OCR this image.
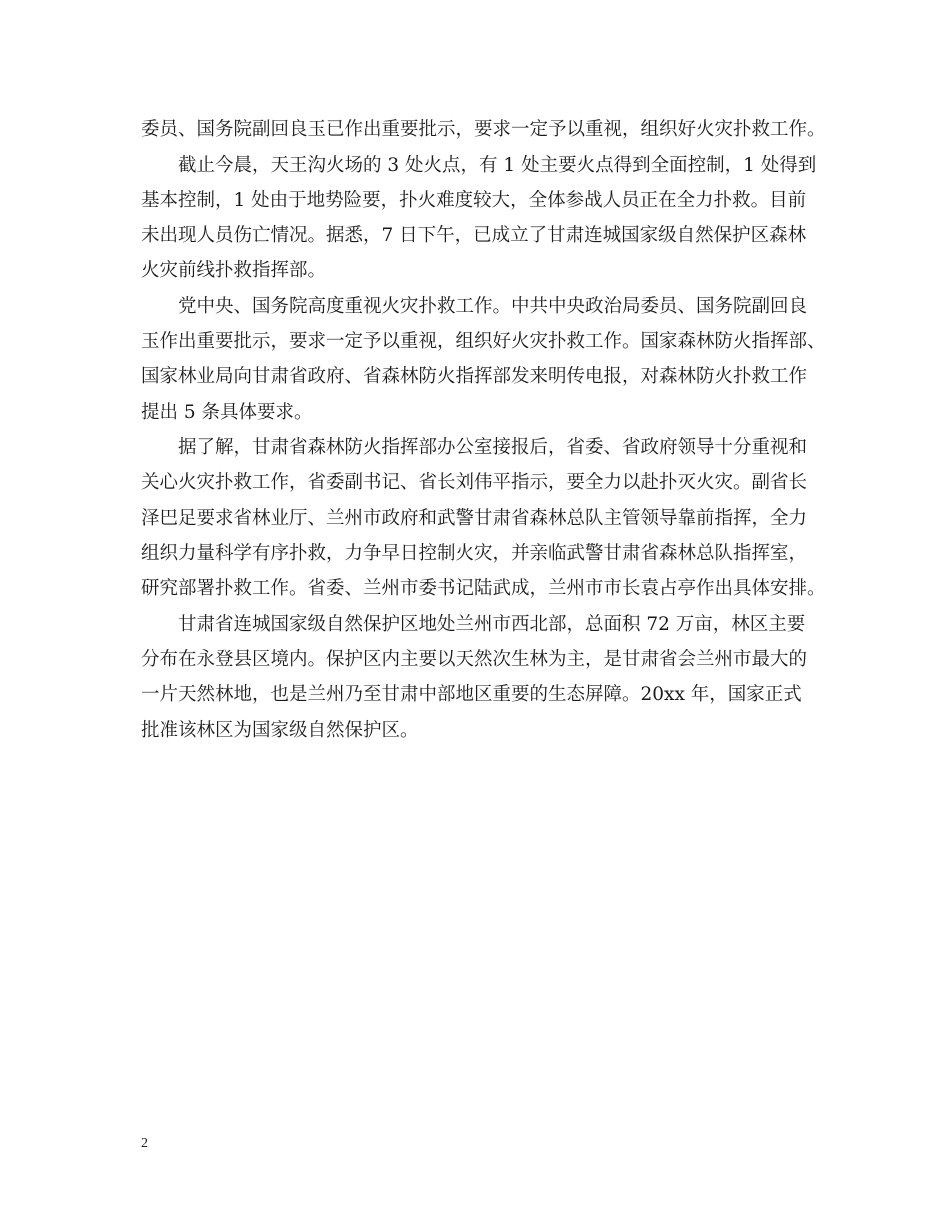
委员、国务院副回良玉已作出重要批示，要求一定予以重视，组织好火灾扑救工作。
截止今晨，天王沟火场的 3 处火点，有 1 处主要火点得到全面控制，1 处得到
基本控制，1 处由于地势险要，扑火难度较大，全体参战人员正在全力扑救。目前
未出现人员伤亡情况。据悉，7 日下午，已成立了甘肃连城国家级自然保护区森林
火灾前线扑救指挥部。
党中央、国务院高度重视火灾扑救工作。中共中央政治局委员、国务院副回良
玉作出重要批示，要求一定予以重视，组织好火灾扑救工作。国家森林防火指挥部、
国家林业局向甘肃省政府、省森林防火指挥部发来明传电报，对森林防火扑救工作
提出 5 条具体要求。
据了解，甘肃省森林防火指挥部办公室接报后，省委、省政府领导十分重视和
关心火灾扑救工作，省委副书记、省长刘伟平指示，要全力以赴扑灭火灾。副省长
泽巴足要求省林业厅、兰州市政府和武警甘肃省森林总队主管领导靠前指挥，全力
组织力量科学有序扑救，力争早日控制火灾，并亲临武警甘肃省森林总队指挥室，
研究部署扑救工作。省委、兰州市委书记陆武成，兰州市市长袁占亭作出具体安排。
甘肃省连城国家级自然保护区地处兰州市西北部，总面积 72 万亩，林区主要
分布在永登县区境内。保护区内主要以天然次生林为主，是甘肃省会兰州市最大的
一片天然林地，也是兰州乃至甘肃中部地区重要的生态屏障。20xx 年，国家正式
批准该林区为国家级自然保护区。
2
